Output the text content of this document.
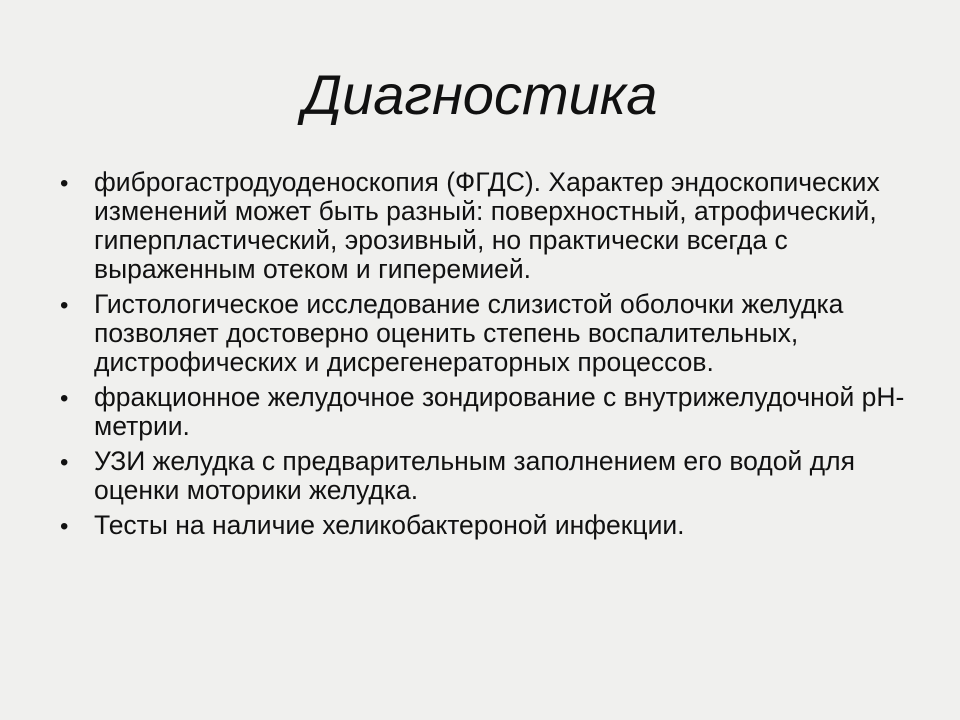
Диагностика
• фиброгастродуоденоскопия (ФГДС). Характер эндоскопических изменений может быть разный: поверхностный, атрофический, гиперпластический, эрозивный, но практически всегда с выраженным отеком и гиперемией.
• Гистологическое исследование слизистой оболочки желудка позволяет достоверно оценить степень воспалительных, дистрофических и дисрегенераторных процессов.
• фракционное желудочное зондирование с внутрижелудочной рН-метрии.
• УЗИ желудка с предварительным заполнением его водой для оценки моторики желудка.
• Тесты на наличие хеликобактероной инфекции.
